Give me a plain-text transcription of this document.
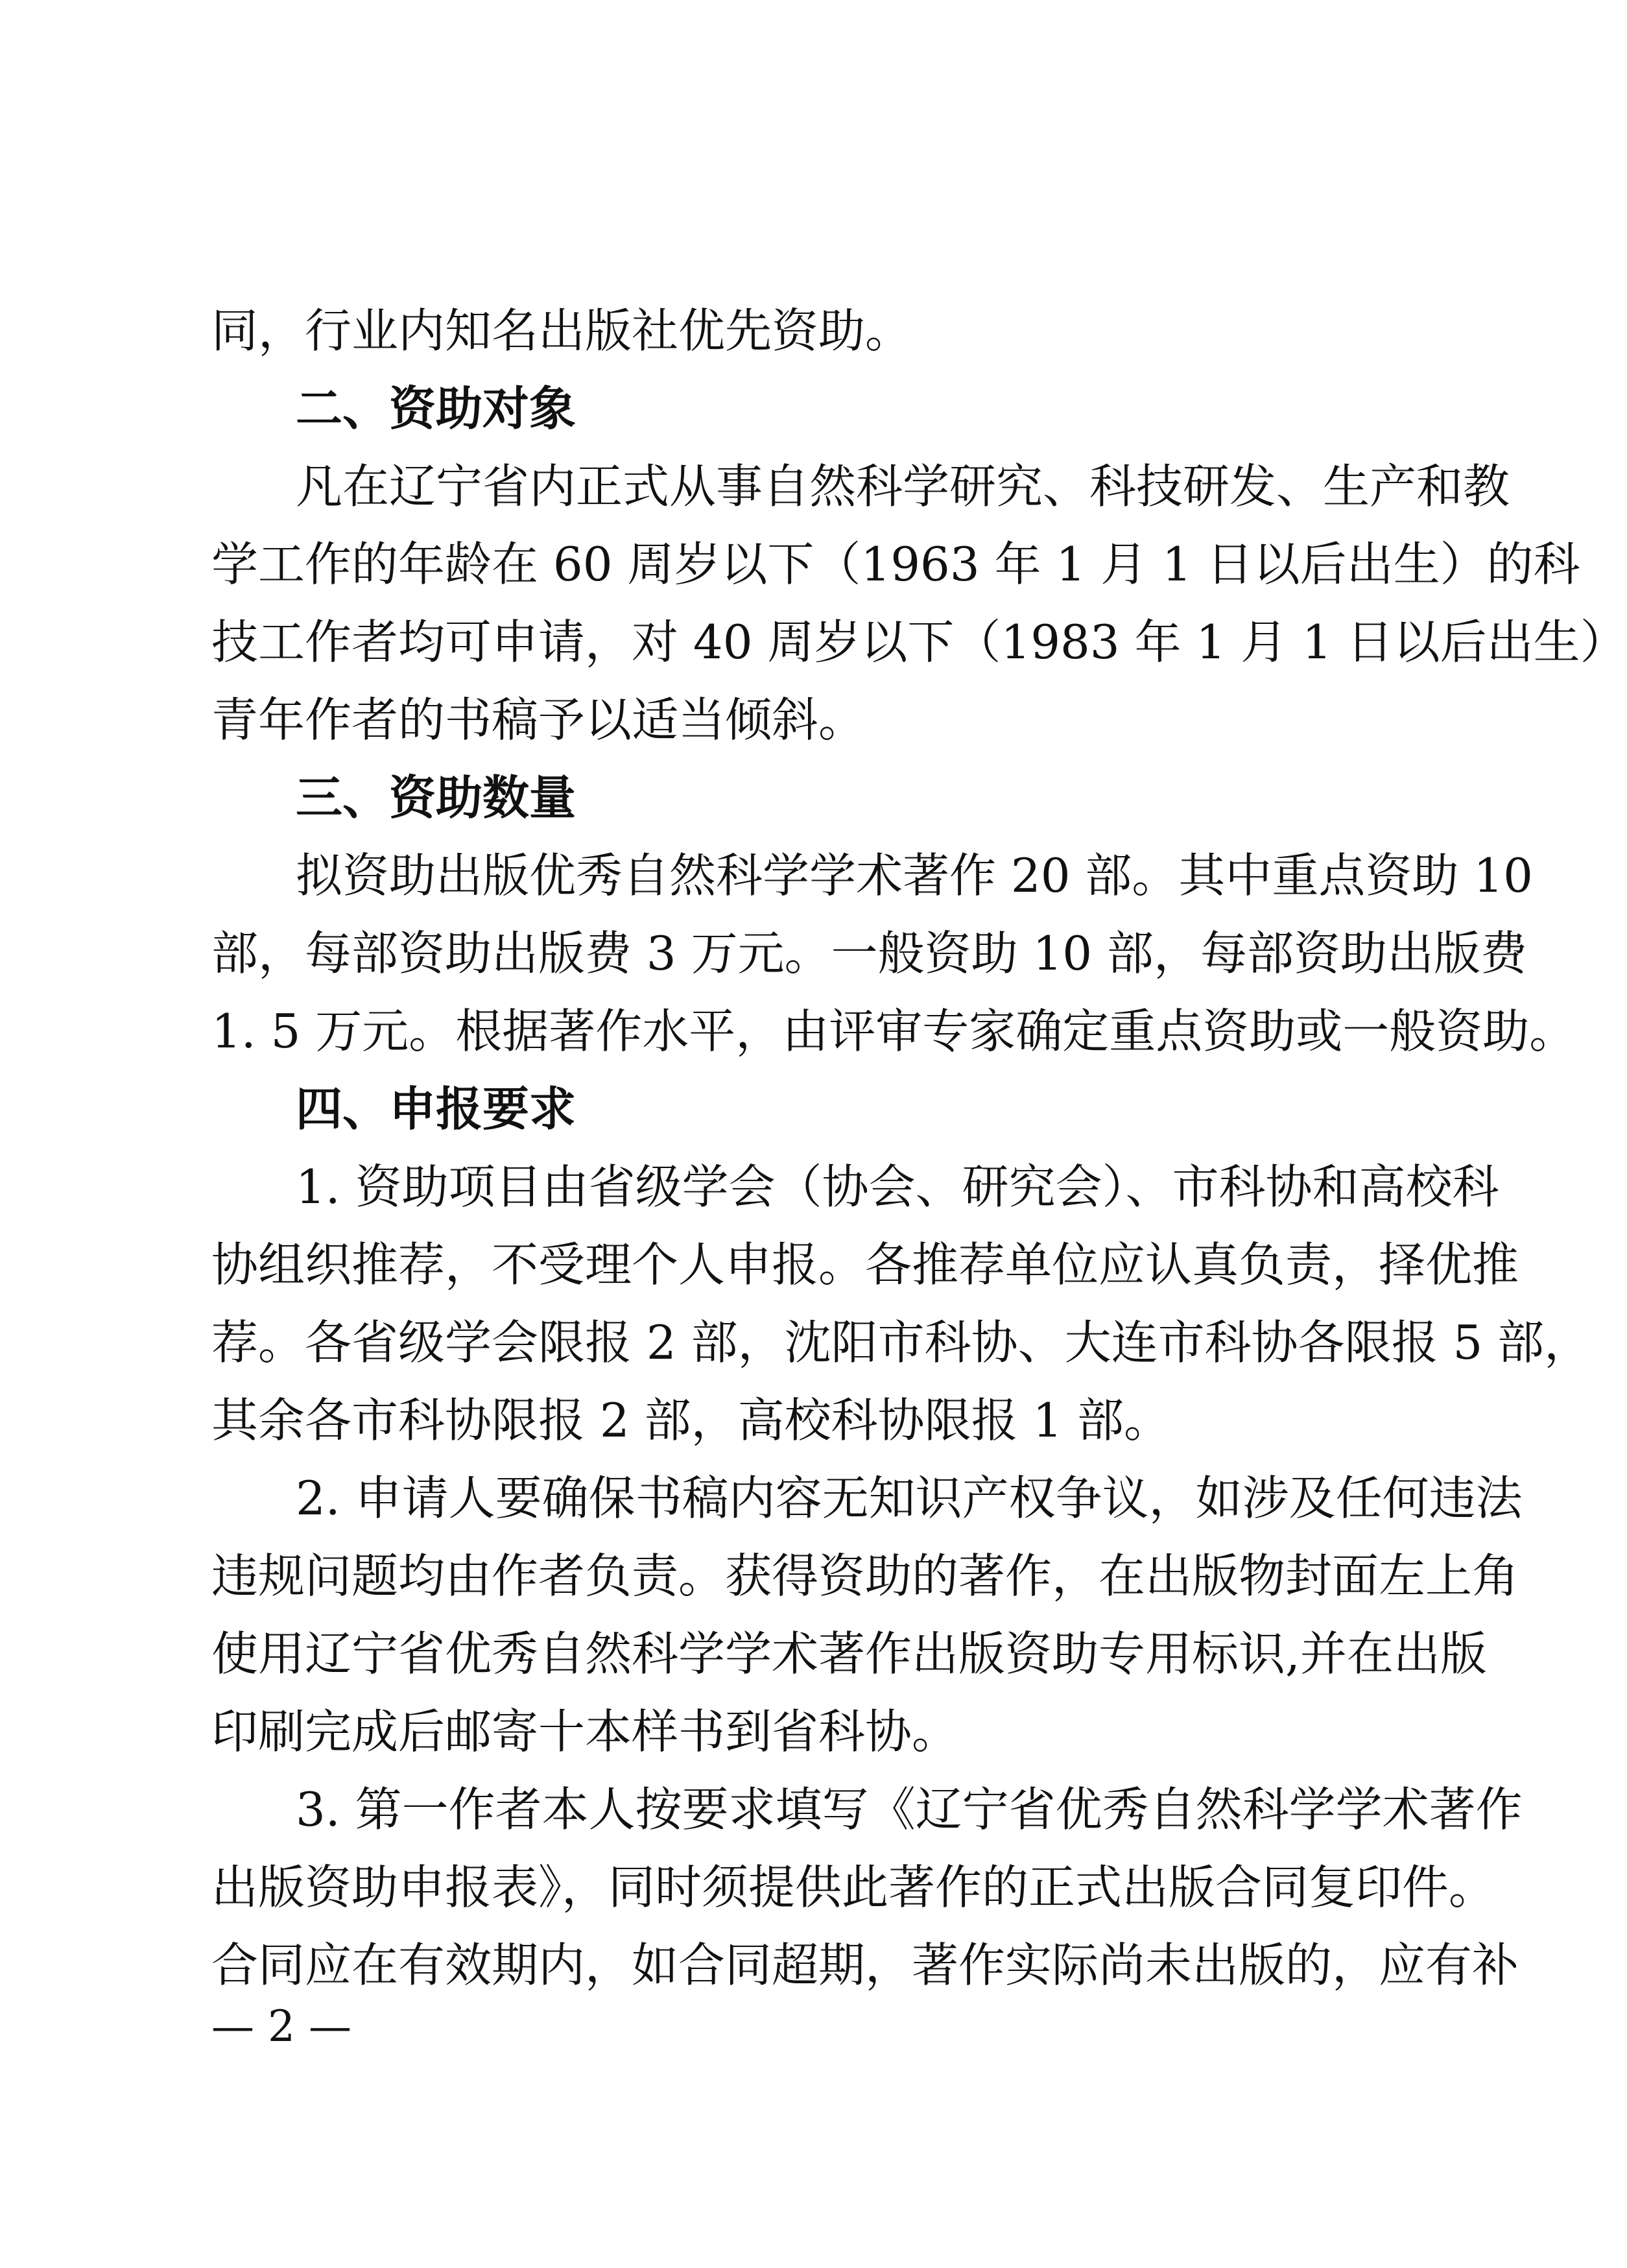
同，行业内知名出版社优先资助。
二、资助对象
凡在辽宁省内正式从事自然科学研究、科技研发、生产和教
学工作的年龄在 60 周岁以下（1963 年 1 月 1 日以后出生）的科
技工作者均可申请，对 40 周岁以下（1983 年 1 月 1 日以后出生）
青年作者的书稿予以适当倾斜。
三、资助数量
拟资助出版优秀自然科学学术著作 20 部。其中重点资助 10
部，每部资助出版费 3 万元。一般资助 10 部，每部资助出版费
1. 5 万元。根据著作水平，由评审专家确定重点资助或一般资助。
四、申报要求
1. 资助项目由省级学会（协会、研究会）、市科协和高校科
协组织推荐，不受理个人申报。各推荐单位应认真负责，择优推
荐。各省级学会限报 2 部，沈阳市科协、大连市科协各限报 5 部，
其余各市科协限报 2 部，高校科协限报 1 部。
2. 申请人要确保书稿内容无知识产权争议，如涉及任何违法
违规问题均由作者负责。获得资助的著作，在出版物封面左上角
使用辽宁省优秀自然科学学术著作出版资助专用标识,并在出版
印刷完成后邮寄十本样书到省科协。
3. 第一作者本人按要求填写《辽宁省优秀自然科学学术著作
出版资助申报表》，同时须提供此著作的正式出版合同复印件。
合同应在有效期内，如合同超期，著作实际尚未出版的，应有补
— 2 —
